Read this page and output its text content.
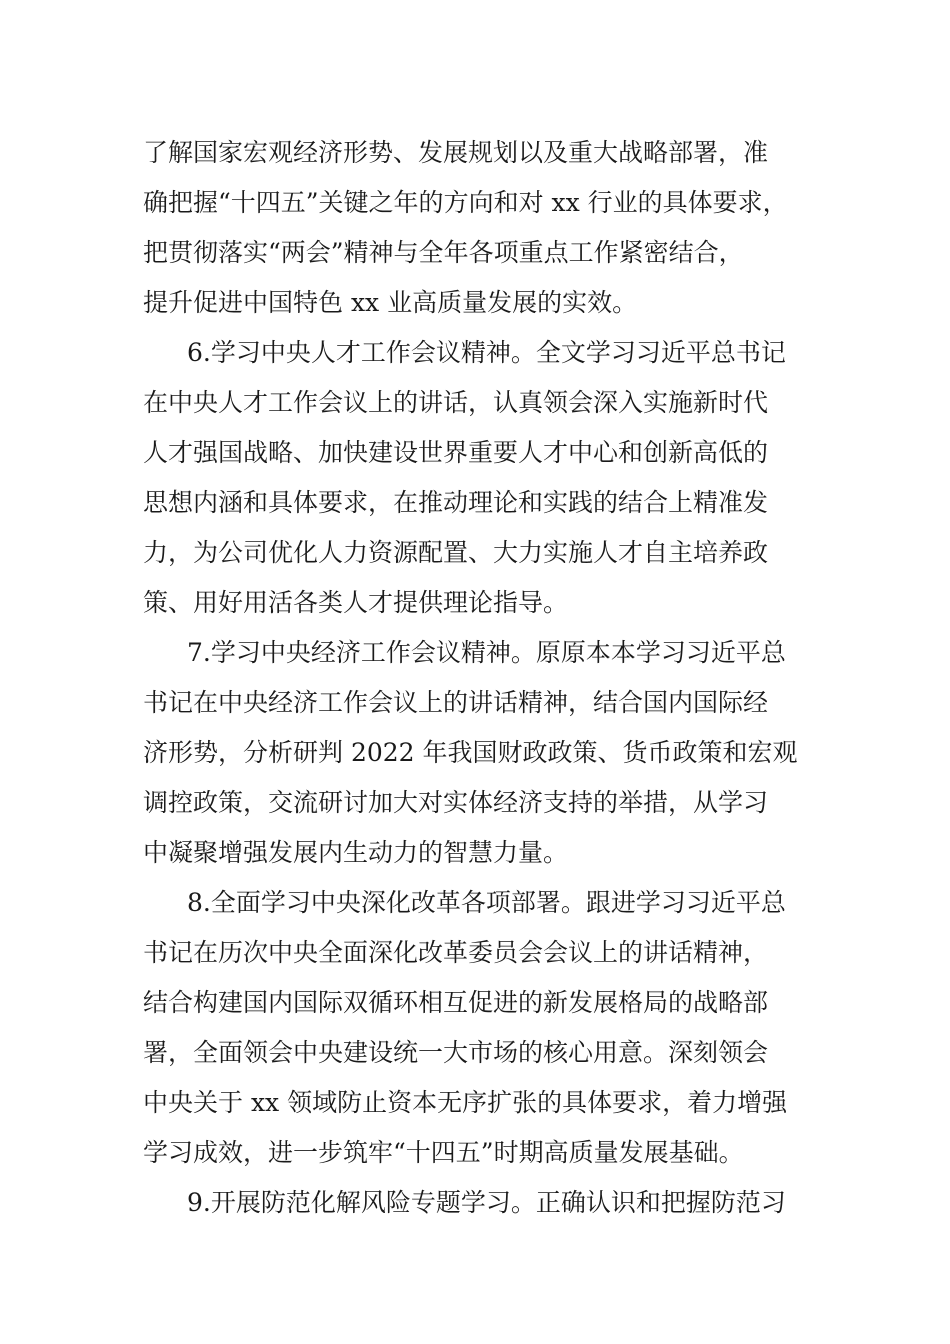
了解国家宏观经济形势、发展规划以及重大战略部署，准
确把握“十四五”关键之年的方向和对 xx 行业的具体要求，
把贯彻落实“两会”精神与全年各项重点工作紧密结合，
提升促进中国特色 xx 业高质量发展的实效。
6.学习中央人才工作会议精神。全文学习习近平总书记
在中央人才工作会议上的讲话，认真领会深入实施新时代
人才强国战略、加快建设世界重要人才中心和创新高低的
思想内涵和具体要求，在推动理论和实践的结合上精准发
力，为公司优化人力资源配置、大力实施人才自主培养政
策、用好用活各类人才提供理论指导。
7.学习中央经济工作会议精神。原原本本学习习近平总
书记在中央经济工作会议上的讲话精神，结合国内国际经
济形势，分析研判 2022 年我国财政政策、货币政策和宏观
调控政策，交流研讨加大对实体经济支持的举措，从学习
中凝聚增强发展内生动力的智慧力量。
8.全面学习中央深化改革各项部署。跟进学习习近平总
书记在历次中央全面深化改革委员会会议上的讲话精神，
结合构建国内国际双循环相互促进的新发展格局的战略部
署，全面领会中央建设统一大市场的核心用意。深刻领会
中央关于 xx 领域防止资本无序扩张的具体要求，着力增强
学习成效，进一步筑牢“十四五”时期高质量发展基础。
9.开展防范化解风险专题学习。正确认识和把握防范习
